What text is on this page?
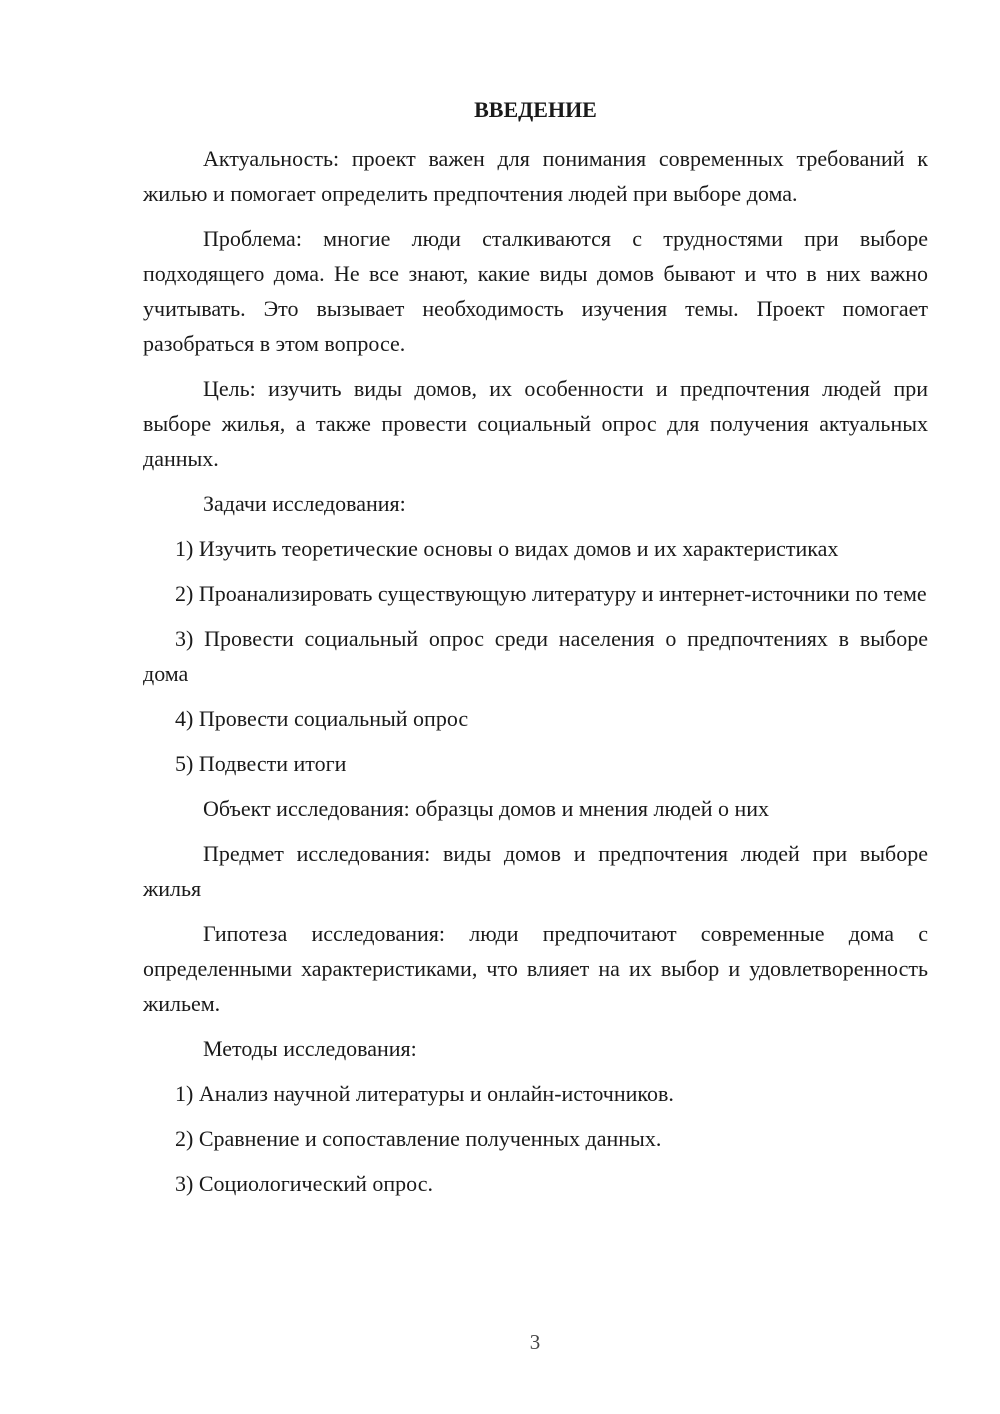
ВВЕДЕНИЕ

Актуальность: проект важен для понимания современных требований к жилью и помогает определить предпочтения людей при выборе дома.

Проблема: многие люди сталкиваются с трудностями при выборе подходящего дома. Не все знают, какие виды домов бывают и что в них важно учитывать. Это вызывает необходимость изучения темы. Проект помогает разобраться в этом вопросе.

Цель: изучить виды домов, их особенности и предпочтения людей при выборе жилья, а также провести социальный опрос для получения актуальных данных.

Задачи исследования:

1) Изучить теоретические основы о видах домов и их характеристиках

2) Проанализировать существующую литературу и интернет-источники по теме

3) Провести социальный опрос среди населения о предпочтениях в выборе дома

4) Провести социальный опрос

5) Подвести итоги

Объект исследования: образцы домов и мнения людей о них

Предмет исследования: виды домов и предпочтения людей при выборе жилья

Гипотеза исследования: люди предпочитают современные дома с определенными характеристиками, что влияет на их выбор и удовлетворенность жильем.

Методы исследования:

1) Анализ научной литературы и онлайн-источников.

2) Сравнение и сопоставление полученных данных.

3) Социологический опрос.

3
